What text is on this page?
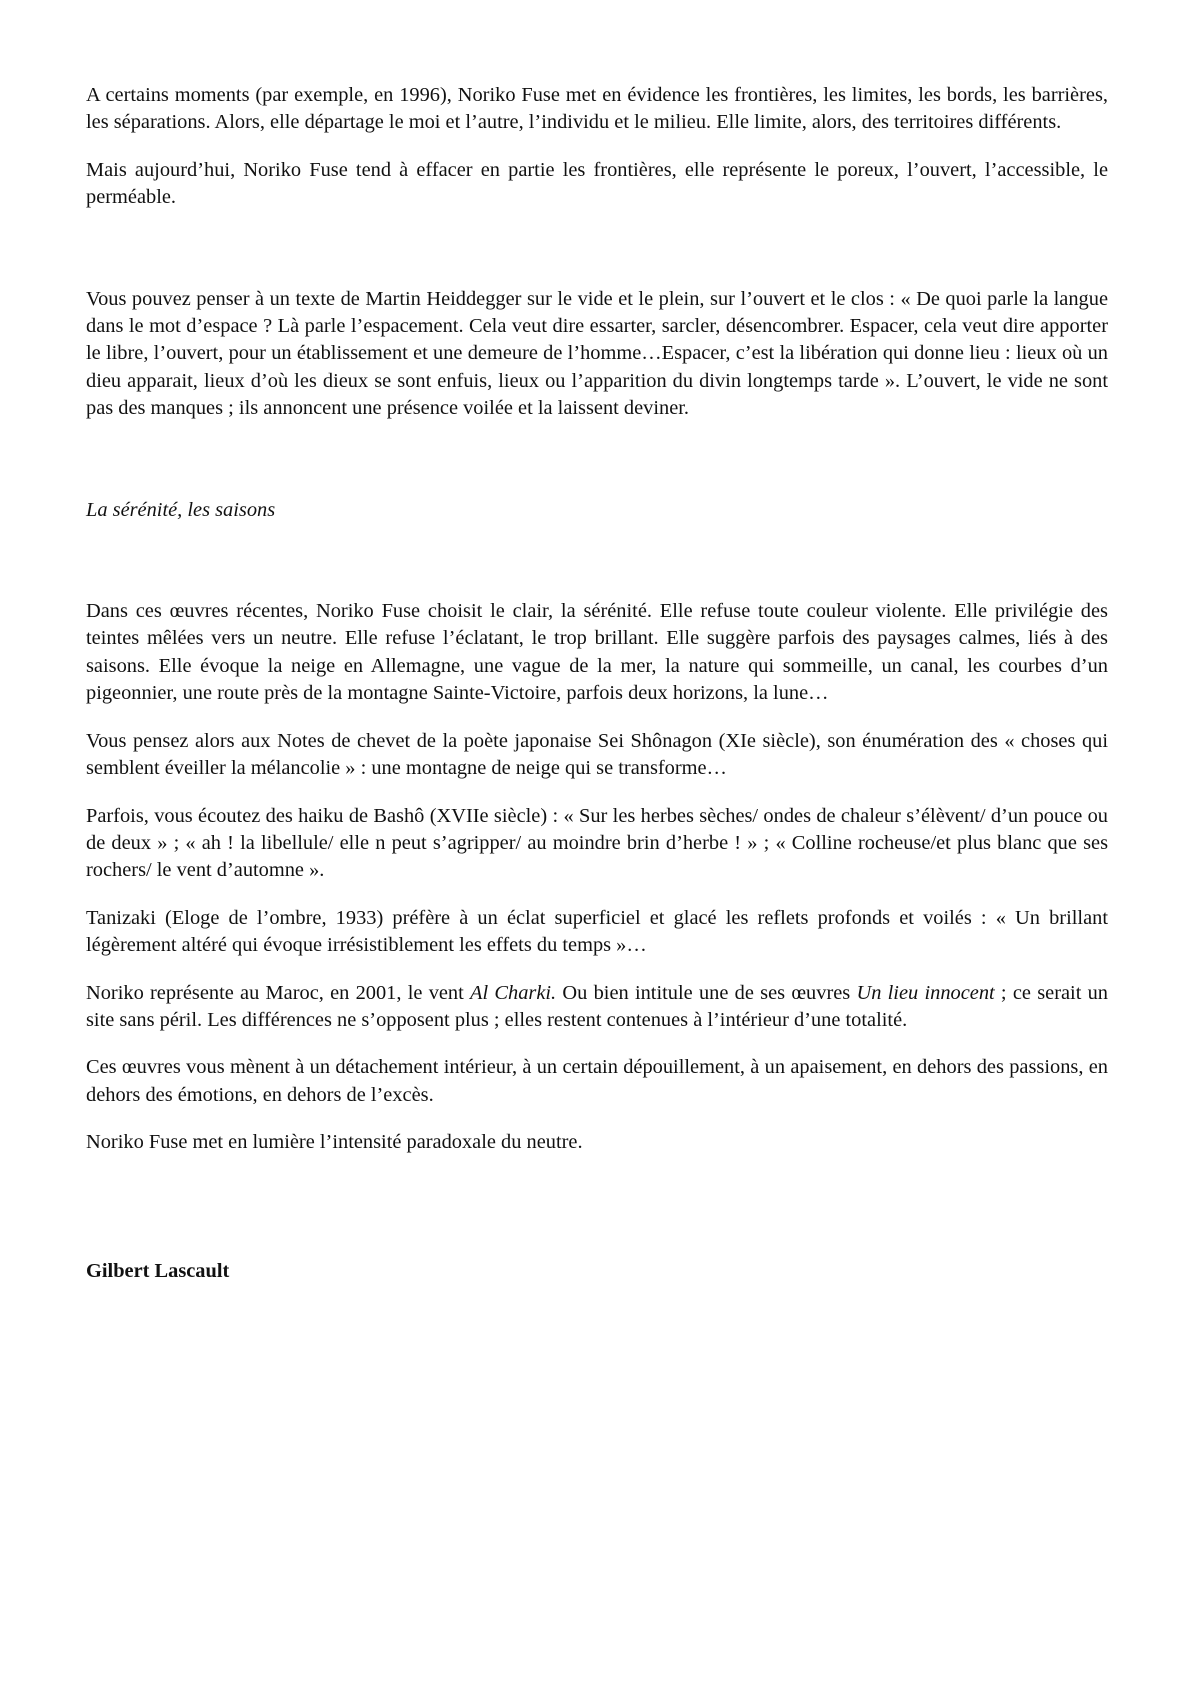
A certains moments (par exemple, en 1996), Noriko Fuse met en évidence les frontières, les limites, les bords, les barrières, les séparations. Alors, elle départage le moi et l’autre, l’individu et le milieu. Elle limite, alors, des territoires différents.

Mais aujourd’hui, Noriko Fuse tend à effacer en partie les frontières, elle représente le poreux, l’ouvert, l’accessible, le perméable.

Vous pouvez penser à un texte de Martin Heiddegger sur le vide et le plein, sur l’ouvert et le clos : « De quoi parle la langue dans le mot d’espace ? Là parle l’espacement. Cela veut dire essarter, sarcler, désencombrer. Espacer, cela veut dire apporter le libre, l’ouvert, pour un établissement et une demeure de l’homme…Espacer, c’est la libération qui donne lieu : lieux où un dieu apparait, lieux d’où les dieux se sont enfuis, lieux ou l’apparition du divin longtemps tarde ». L’ouvert, le vide ne sont pas des manques ; ils annoncent une présence voilée et la laissent deviner.

La sérénité, les saisons

Dans ces œuvres récentes, Noriko Fuse choisit le clair, la sérénité. Elle refuse toute couleur violente. Elle privilégie des teintes mêlées vers un neutre. Elle refuse l’éclatant, le trop brillant. Elle suggère parfois des paysages calmes, liés à des saisons. Elle évoque la neige en Allemagne, une vague de la mer, la nature qui sommeille, un canal, les courbes d’un pigeonnier, une route près de la montagne Sainte-Victoire, parfois deux horizons, la lune…

Vous pensez alors aux Notes de chevet de la poète japonaise Sei Shônagon (XIe siècle), son énumération des « choses qui semblent éveiller la mélancolie » : une montagne de neige qui se transforme…

Parfois, vous écoutez des haiku de Bashô (XVIIe siècle) : « Sur les herbes sèches/ ondes de chaleur s’élèvent/ d’un pouce ou de deux » ; « ah ! la libellule/ elle n peut s’agripper/ au moindre brin d’herbe ! » ; « Colline rocheuse/et plus blanc que ses rochers/ le vent d’automne ».

Tanizaki (Eloge de l’ombre, 1933) préfère à un éclat superficiel et glacé les reflets profonds et voilés : « Un brillant légèrement altéré qui évoque irrésistiblement les effets du temps »…

Noriko représente au Maroc, en 2001, le vent Al Charki. Ou bien intitule une de ses œuvres Un lieu innocent ; ce serait un site sans péril. Les différences ne s’opposent plus ; elles restent contenues à l’intérieur d’une totalité.

Ces œuvres vous mènent à un détachement intérieur, à un certain dépouillement, à un apaisement, en dehors des passions, en dehors des émotions, en dehors de l’excès.

Noriko Fuse met en lumière l’intensité paradoxale du neutre.

Gilbert Lascault
